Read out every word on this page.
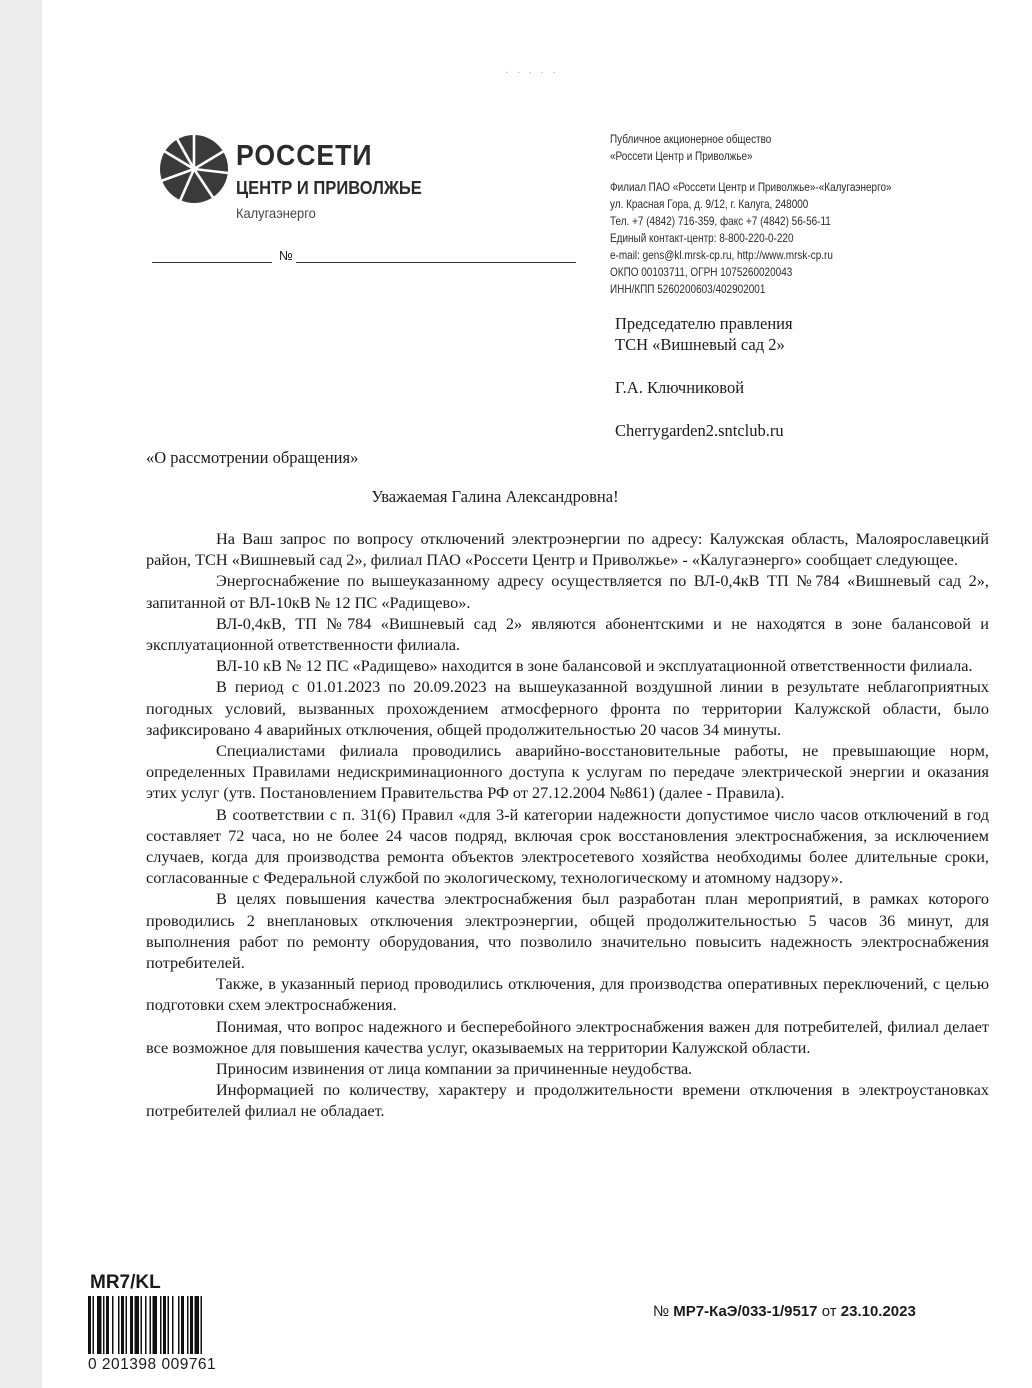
· · · · ·
РОССЕТИ
ЦЕНТР И ПРИВОЛЖЬЕ
Калугаэнерго
№
Публичное акционерное общество
«Россети Центр и Приволжье»
Филиал ПАО «Россети Центр и Приволжье»-«Калугаэнерго»
ул. Красная Гора, д. 9/12, г. Калуга, 248000
Тел. +7 (4842) 716-359, факс +7 (4842) 56-56-11
Единый контакт-центр: 8-800-220-0-220
e-mail: gens@kl.mrsk-cp.ru, http://www.mrsk-cp.ru
ОКПО 00103711, ОГРН 1075260020043
ИНН/КПП 5260200603/402902001
Председателю правления
ТСН «Вишневый сад 2»
Г.А. Ключниковой
Cherrygarden2.sntclub.ru
«О рассмотрении обращения»
Уважаемая Галина Александровна!

На Ваш запрос по вопросу отключений электроэнергии по адресу: Калужская область, Малоярославецкий район, ТСН «Вишневый сад 2», филиал ПАО «Россети Центр и Приволжье» - «Калугаэнерго» сообщает следующее.

Энергоснабжение по вышеуказанному адресу осуществляется по ВЛ-0,4кВ ТП №784 «Вишневый сад 2», запитанной от ВЛ-10кВ № 12 ПС «Радищево».

ВЛ-0,4кВ, ТП №784 «Вишневый сад 2» являются абонентскими и не находятся в зоне балансовой и эксплуатационной ответственности филиала.

ВЛ-10 кВ № 12 ПС «Радищево» находится в зоне балансовой и эксплуатационной ответственности филиала.

В период с 01.01.2023 по 20.09.2023 на вышеуказанной воздушной линии в результате неблагоприятных погодных условий, вызванных прохождением атмосферного фронта по территории Калужской области, было зафиксировано 4 аварийных отключения, общей продолжительностью 20 часов 34 минуты.

Специалистами филиала проводились аварийно-восстановительные работы, не превышающие норм, определенных Правилами недискриминационного доступа к услугам по передаче электрической энергии и оказания этих услуг (утв. Постановлением Правительства РФ от 27.12.2004 №861) (далее - Правила).

В соответствии с п. 31(6) Правил «для 3-й категории надежности допустимое число часов отключений в год составляет 72 часа, но не более 24 часов подряд, включая срок восстановления электроснабжения, за исключением случаев, когда для производства ремонта объектов электросетевого хозяйства необходимы более длительные сроки, согласованные с Федеральной службой по экологическому, технологическому и атомному надзору».

В целях повышения качества электроснабжения был разработан план мероприятий, в рамках которого проводились 2 внеплановых отключения электроэнергии, общей продолжительностью 5 часов 36 минут, для выполнения работ по ремонту оборудования, что позволило значительно повысить надежность электроснабжения потребителей.

Также, в указанный период проводились отключения, для производства оперативных переключений, с целью подготовки схем электроснабжения.

Понимая, что вопрос надежного и бесперебойного электроснабжения важен для потребителей, филиал делает все возможное для повышения качества услуг, оказываемых на территории Калужской области.

Приносим извинения от лица компании за причиненные неудобства.

Информацией по количеству, характеру и продолжительности времени отключения в электроустановках потребителей филиал не обладает.

MR7/KL
0 201398 009761
№ МР7-КаЭ/033-1/9517 от 23.10.2023
